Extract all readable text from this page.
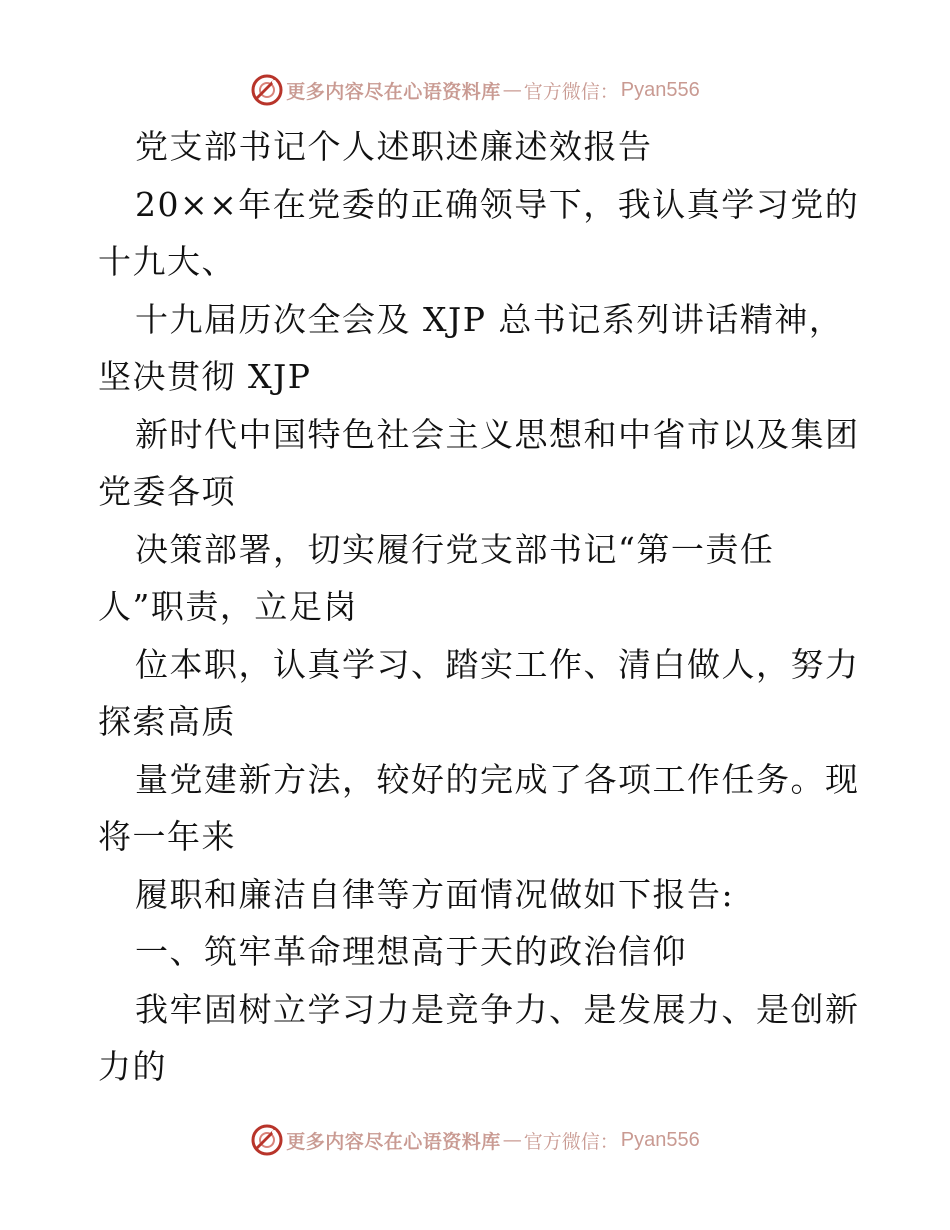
更多内容尽在心语资料库 — 官方微信： Pyan556

党支部书记个人述职述廉述效报告

20××年在党委的正确领导下，我认真学习党的十九大、

十九届历次全会及 XJP 总书记系列讲话精神，坚决贯彻 XJP

新时代中国特色社会主义思想和中省市以及集团党委各项

决策部署，切实履行党支部书记“第一责任　人”职责，立足岗

位本职，认真学习、踏实工作、清白做人，努力探索高质

量党建新方法，较好的完成了各项工作任务。现将一年来

履职和廉洁自律等方面情况做如下报告:

一、筑牢革命理想高于天的政治信仰

我牢固树立学习力是竞争力、是发展力、是创新力的

更多内容尽在心语资料库 — 官方微信： Pyan556
